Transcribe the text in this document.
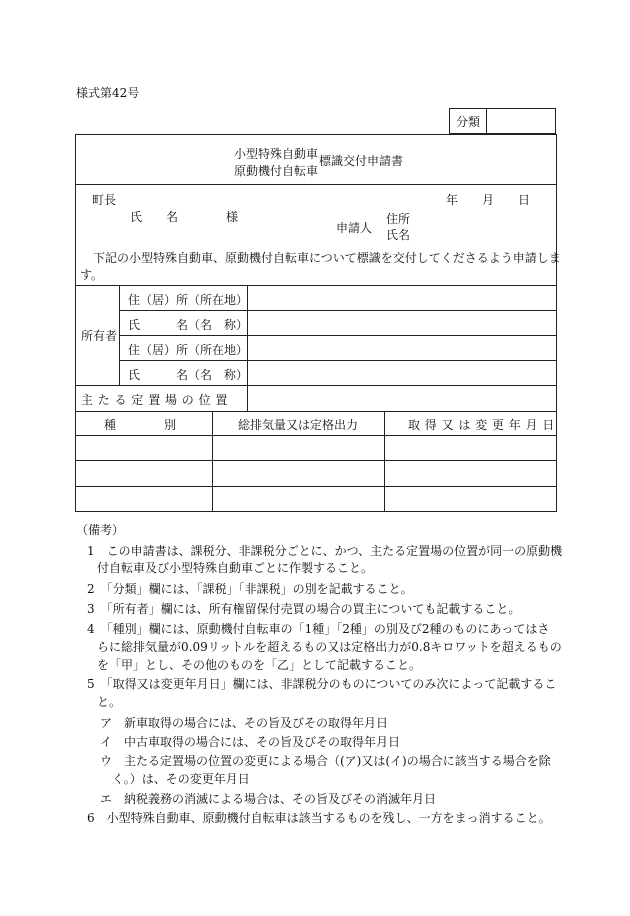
様式第42号
分類
小型特殊自動車
原動機付自転車
標識交付申請書
町長
氏　　名	様
年 月 日
申請人
住所
氏名
下記の小型特殊自動車、原動機付自転車について標識を交付してくださるよう申請しま
す。
所有者
住（居）所（所在地）
氏　　　名（名　称）
住（居）所（所在地）
氏　　　名（名　称）
主たる定置場の位置
種　　　　別	総排気量又は定格出力	取得又は変更年月日
（備考）
1　この申請書は、課税分、非課税分ごとに、かつ、主たる定置場の位置が同一の原動機
付自転車及び小型特殊自動車ごとに作製すること。
2　「分類」欄には、「課税」「非課税」の別を記載すること。
3　「所有者」欄には、所有権留保付売買の場合の買主についても記載すること。
4　「種別」欄には、原動機付自転車の「1種」「2種」の別及び2種のものにあってはさ
らに総排気量が0.09リットルを超えるもの又は定格出力が0.8キロワットを超えるもの
を「甲」とし、その他のものを「乙」として記載すること。
5　「取得又は変更年月日」欄には、非課税分のものについてのみ次によって記載するこ
と。
ア　新車取得の場合には、その旨及びその取得年月日
イ　中古車取得の場合には、その旨及びその取得年月日
ウ　主たる定置場の位置の変更による場合（(ア)又は(イ)の場合に該当する場合を除
く。）は、その変更年月日
エ　納税義務の消滅による場合は、その旨及びその消滅年月日
6　小型特殊自動車、原動機付自転車は該当するものを残し、一方をまっ消すること。
